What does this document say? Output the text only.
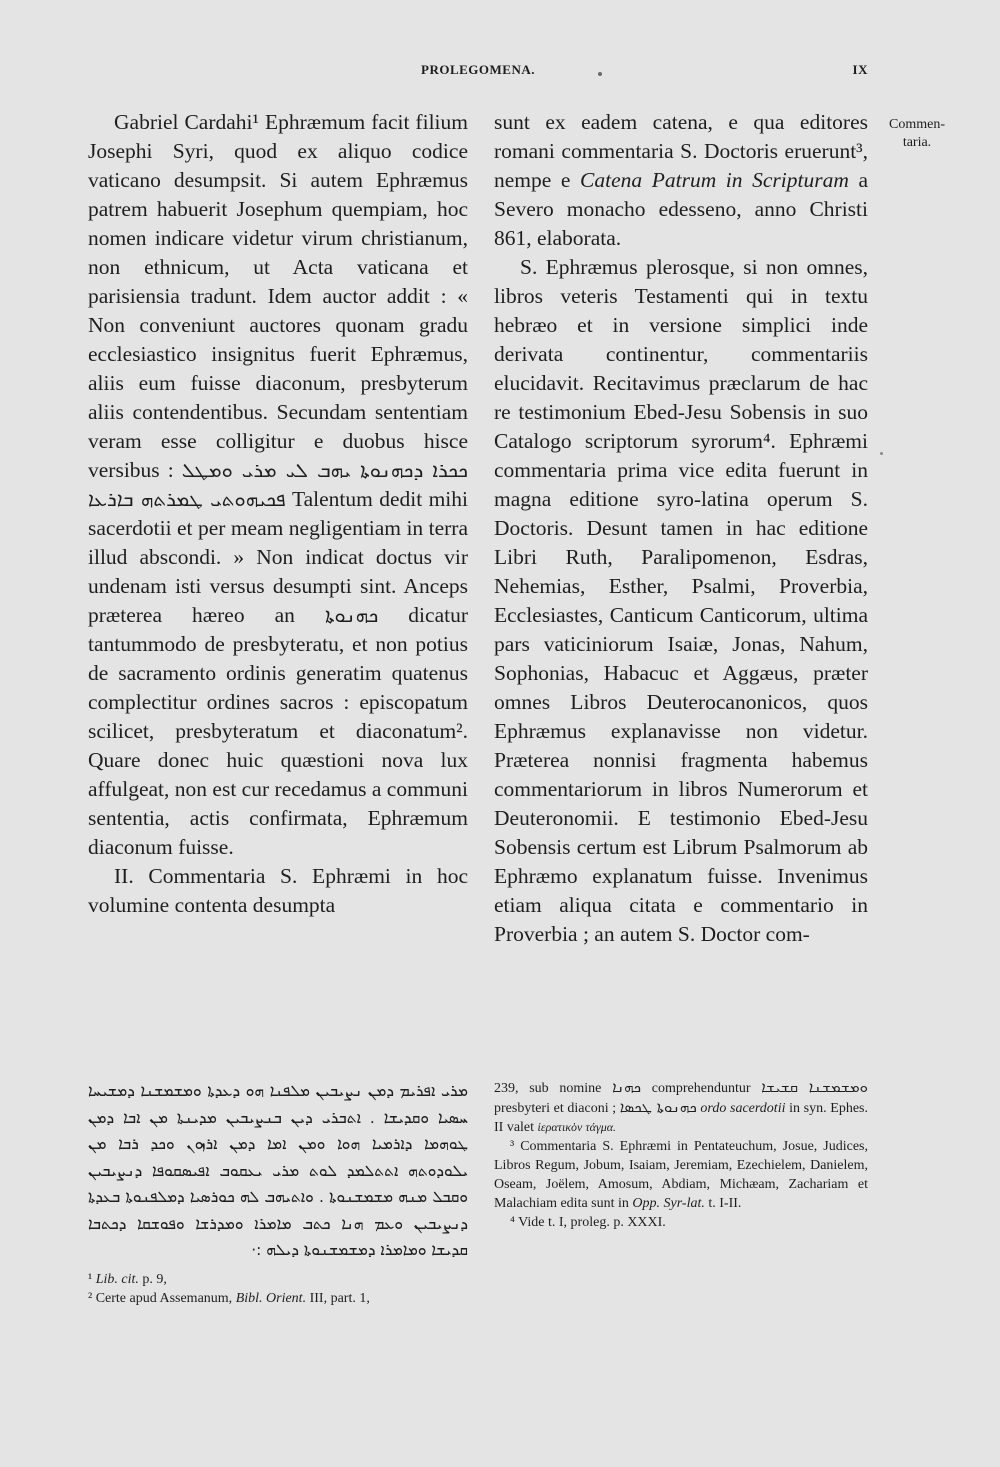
PROLEGOMENA.	IX
Commen-
taria.

Gabriel Cardahi¹ Ephræmum facit filium Josephi Syri, quod ex aliquo codice vaticano desumpsit. Si autem Ephræmus patrem habuerit Josephum quempiam, hoc nomen indicare videtur virum christianum, non ethnicum, ut Acta vaticana et parisiensia tradunt. Idem auctor addit : « Non conveniunt auctores quonam gradu ecclesiastico insignitus fuerit Ephræmus, aliis eum fuisse diaconum, presbyterum aliis contendentibus. Secundam sententiam veram esse colligitur e duobus hisce versibus : ܟܟܪܐ ܕܟܗܢܘܬܐ ܝܗܒ ܠܝ ܡܪܝ ܘܡܛܠ ܦܟܝܗܘܬܝ ܛܡܪܬܗ ܒܐܪܥܐ Talentum dedit mihi sacerdotii et per meam negligentiam in terra illud abscondi. » Non indicat doctus vir undenam isti versus desumpti sint. Anceps præterea hæreo an ܟܗܢܘܬܐ dicatur tantummodo de presbyteratu, et non potius de sacramento ordinis generatim quatenus complectitur ordines sacros : episcopatum scilicet, presbyteratum et diaconatum². Quare donec huic quæstioni nova lux affulgeat, non est cur recedamus a communi sententia, actis confirmata, Ephræmum diaconum fuisse.

II. Commentaria S. Ephræmi in hoc volumine contenta desumpta

sunt ex eadem catena, e qua editores romani commentaria S. Doctoris eruerunt³, nempe e Catena Patrum in Scripturam a Severo monacho edesseno, anno Christi 861, elaborata.

S. Ephræmus plerosque, si non omnes, libros veteris Testamenti qui in textu hebræo et in versione simplici inde derivata continentur, commentariis elucidavit. Recitavimus præclarum de hac re testimonium Ebed-Jesu Sobensis in suo Catalogo scriptorum syrorum⁴. Ephræmi commentaria prima vice edita fuerunt in magna editione syro-latina operum S. Doctoris. Desunt tamen in hac editione Libri Ruth, Paralipomenon, Esdras, Nehemias, Esther, Psalmi, Proverbia, Ecclesiastes, Canticum Canticorum, ultima pars vaticiniorum Isaiæ, Jonas, Nahum, Sophonias, Habacuc et Aggæus, præter omnes Libros Deuterocanonicos, quos Ephræmus explanavisse non videtur. Præterea nonnisi fragmenta habemus commentariorum in libros Numerorum et Deuteronomii. E testimonio Ebed-Jesu Sobensis certum est Librum Psalmorum ab Ephræmo explanatum fuisse. Invenimus etiam aliqua citata e commentario in Proverbia ; an autem S. Doctor com-

ܡܪܝ ܐܦܪܝܡ ܕܡܢ ܢܨܝܒܝܢ ܡܠܦܢܐ ܗܘ ܕܥܕܬܐ ܘܡܫܡܫܢܐ ܕܡܫܝܚܐ ܚܣܝܐ ܘܩܕܝܫܐ . ܐܬܒܪܝ ܕܝܢ ܒܢܨܝܒܝܢ ܡܕܝܢܬܐ ܡܢ ܐܒܐ ܕܡܢ ܛܘܗܡܐ ܕܐܪܡܝܐ ܗܘܐ ܘܡܢ ܐܡܐ ܕܡܢ ܐܪܙܘܢ ܘܟܕ ܪܒܐ ܡܢ ܝܠܘܕܘܬܗ ܐܬܬܠܡܕ ܠܘܬ ܡܪܝ ܝܥܩܘܒ ܐܦܝܣܩܘܦܐ ܕܢܨܝܒܝܢ ܘܩܒܠ ܡܢܗ ܡܫܡܫܢܘܬܐ . ܘܐܬܝܗܒ ܠܗ ܟܘܪܣܝܐ ܕܡܠܦܢܘܬܐ ܒܥܕܬܐ ܕܢܨܝܒܝܢ ܘܥܡ ܗܢܐ ܟܬܒ ܡܐܡܪܐ ܘܡܕܪܫܐ ܘܦܘܫܩܐ ܕܟܬܒܐ ܩܕܝܫܐ ܘܡܐܡܪܐ ܕܡܫܡܫܢܘܬܐ ܕܝܠܗ :·
¹ Lib. cit. p. 9,
² Certe apud Assemanum, Bibl. Orient. III, part. 1,

239, sub nomine ܟܗܢܐ comprehenduntur ܩܫܝܫܐ ܘܡܫܡܫܢܐ presbyteri et diaconi ; ܟܗܢܘܬܐ ܛܟܣܐ ordo sacerdotii in syn. Ephes. II valet ἱερατικὸν τάγμα.

³ Commentaria S. Ephræmi in Pentateuchum, Josue, Judices, Libros Regum, Jobum, Isaiam, Jeremiam, Ezechielem, Danielem, Oseam, Joëlem, Amosum, Abdiam, Michæam, Zachariam et Malachiam edita sunt in Opp. Syr-lat. t. I-II.

⁴ Vide t. I, proleg. p. XXXI.
